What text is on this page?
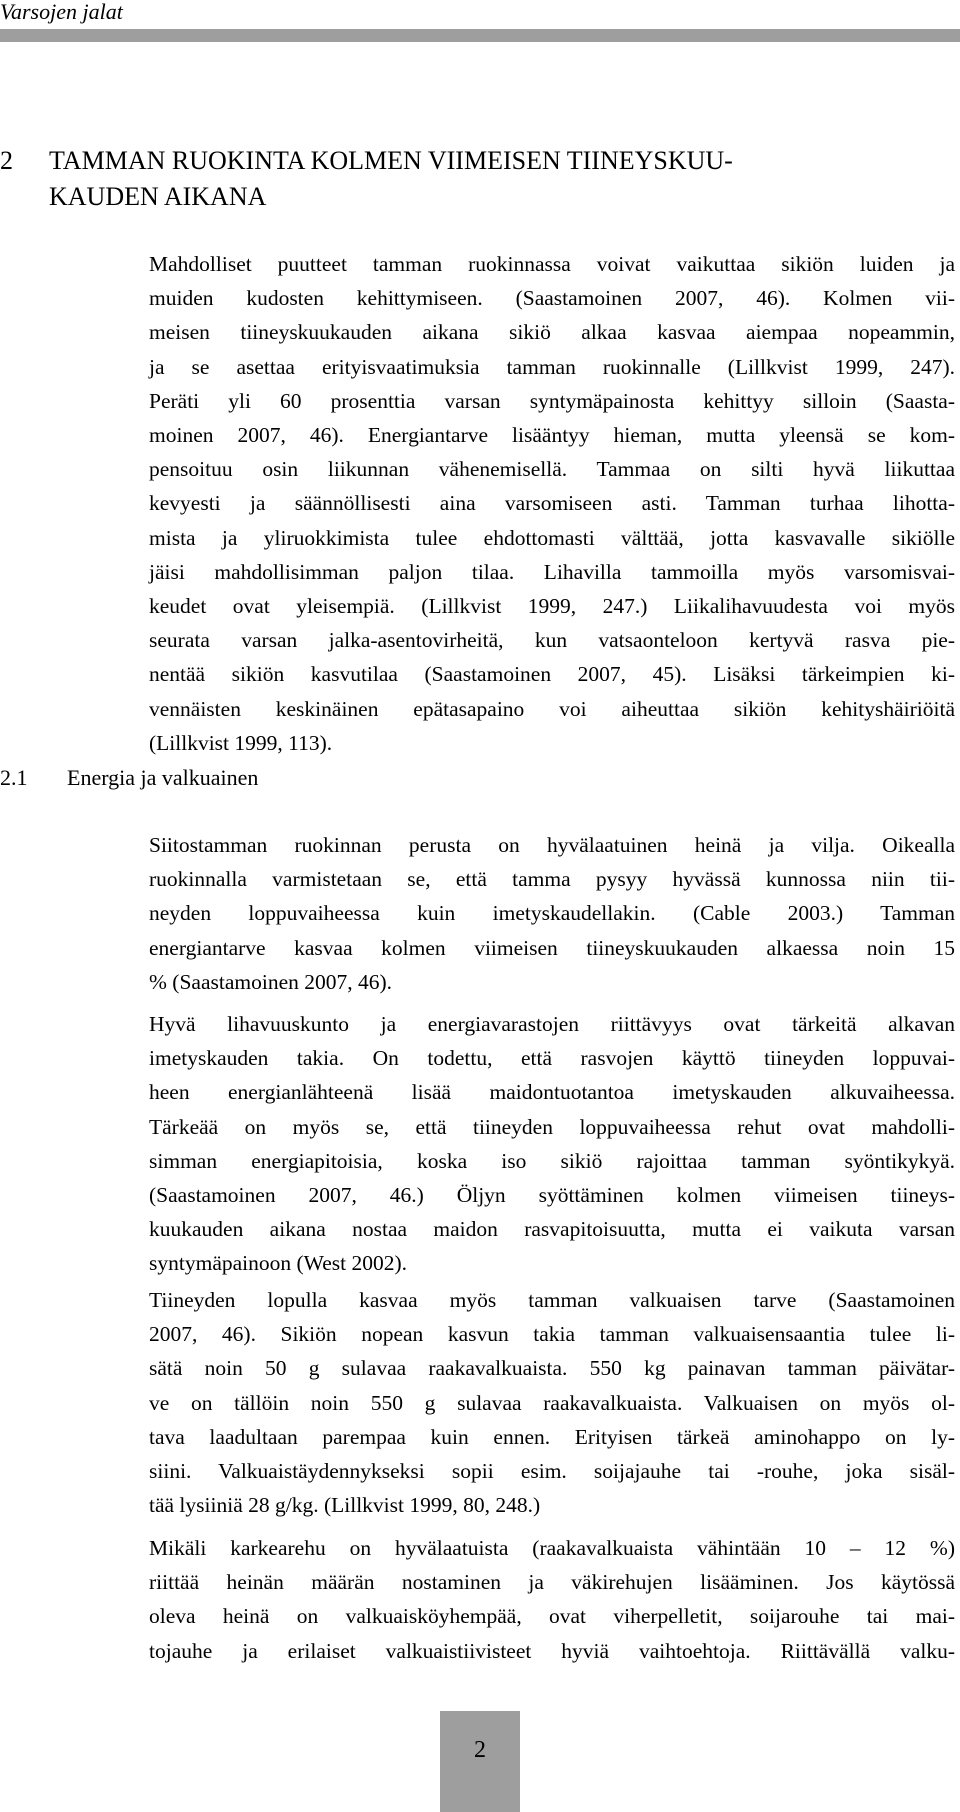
Varsojen jalat
2 TAMMAN RUOKINTA KOLMEN VIIMEISEN TIINEYSKUU-
KAUDEN AIKANA
Mahdolliset puutteet tamman ruokinnassa voivat vaikuttaa sikiön luiden ja
muiden kudosten kehittymiseen. (Saastamoinen 2007, 46). Kolmen vii-
meisen tiineyskuukauden aikana sikiö alkaa kasvaa aiempaa nopeammin,
ja se asettaa erityisvaatimuksia tamman ruokinnalle (Lillkvist 1999, 247).
Peräti yli 60 prosenttia varsan syntymäpainosta kehittyy silloin (Saasta-
moinen 2007, 46). Energiantarve lisääntyy hieman, mutta yleensä se kom-
pensoituu osin liikunnan vähenemisellä. Tammaa on silti hyvä liikuttaa
kevyesti ja säännöllisesti aina varsomiseen asti. Tamman turhaa lihotta-
mista ja yliruokkimista tulee ehdottomasti välttää, jotta kasvavalle sikiölle
jäisi mahdollisimman paljon tilaa. Lihavilla tammoilla myös varsomisvai-
keudet ovat yleisempiä. (Lillkvist 1999, 247.) Liikalihavuudesta voi myös
seurata varsan jalka-asentovirheitä, kun vatsaonteloon kertyvä rasva pie-
nentää sikiön kasvutilaa (Saastamoinen 2007, 45). Lisäksi tärkeimpien ki-
vennäisten keskinäinen epätasapaino voi aiheuttaa sikiön kehityshäiriöitä
(Lillkvist 1999, 113).
2.1 Energia ja valkuainen
Siitostamman ruokinnan perusta on hyvälaatuinen heinä ja vilja. Oikealla
ruokinnalla varmistetaan se, että tamma pysyy hyvässä kunnossa niin tii-
neyden loppuvaiheessa kuin imetyskaudellakin. (Cable 2003.) Tamman
energiantarve kasvaa kolmen viimeisen tiineyskuukauden alkaessa noin 15
% (Saastamoinen 2007, 46).
Hyvä lihavuuskunto ja energiavarastojen riittävyys ovat tärkeitä alkavan
imetyskauden takia. On todettu, että rasvojen käyttö tiineyden loppuvai-
heen energianlähteenä lisää maidontuotantoa imetyskauden alkuvaiheessa.
Tärkeää on myös se, että tiineyden loppuvaiheessa rehut ovat mahdolli-
simman energiapitoisia, koska iso sikiö rajoittaa tamman syöntikykyä.
(Saastamoinen 2007, 46.) Öljyn syöttäminen kolmen viimeisen tiineys-
kuukauden aikana nostaa maidon rasvapitoisuutta, mutta ei vaikuta varsan
syntymäpainoon (West 2002).
Tiineyden lopulla kasvaa myös tamman valkuaisen tarve (Saastamoinen
2007, 46). Sikiön nopean kasvun takia tamman valkuaisensaantia tulee li-
sätä noin 50 g sulavaa raakavalkuaista. 550 kg painavan tamman päivätar-
ve on tällöin noin 550 g sulavaa raakavalkuaista. Valkuaisen on myös ol-
tava laadultaan parempaa kuin ennen. Erityisen tärkeä aminohappo on ly-
siini. Valkuaistäydennykseksi sopii esim. soijajauhe tai -rouhe, joka sisäl-
tää lysiiniä 28 g/kg. (Lillkvist 1999, 80, 248.)
Mikäli karkearehu on hyvälaatuista (raakavalkuaista vähintään 10 – 12 %)
riittää heinän määrän nostaminen ja väkirehujen lisääminen. Jos käytössä
oleva heinä on valkuaisköyhempää, ovat viherpelletit, soijarouhe tai mai-
tojauhe ja erilaiset valkuaistiivisteet hyviä vaihtoehtoja. Riittävällä valku-
2
